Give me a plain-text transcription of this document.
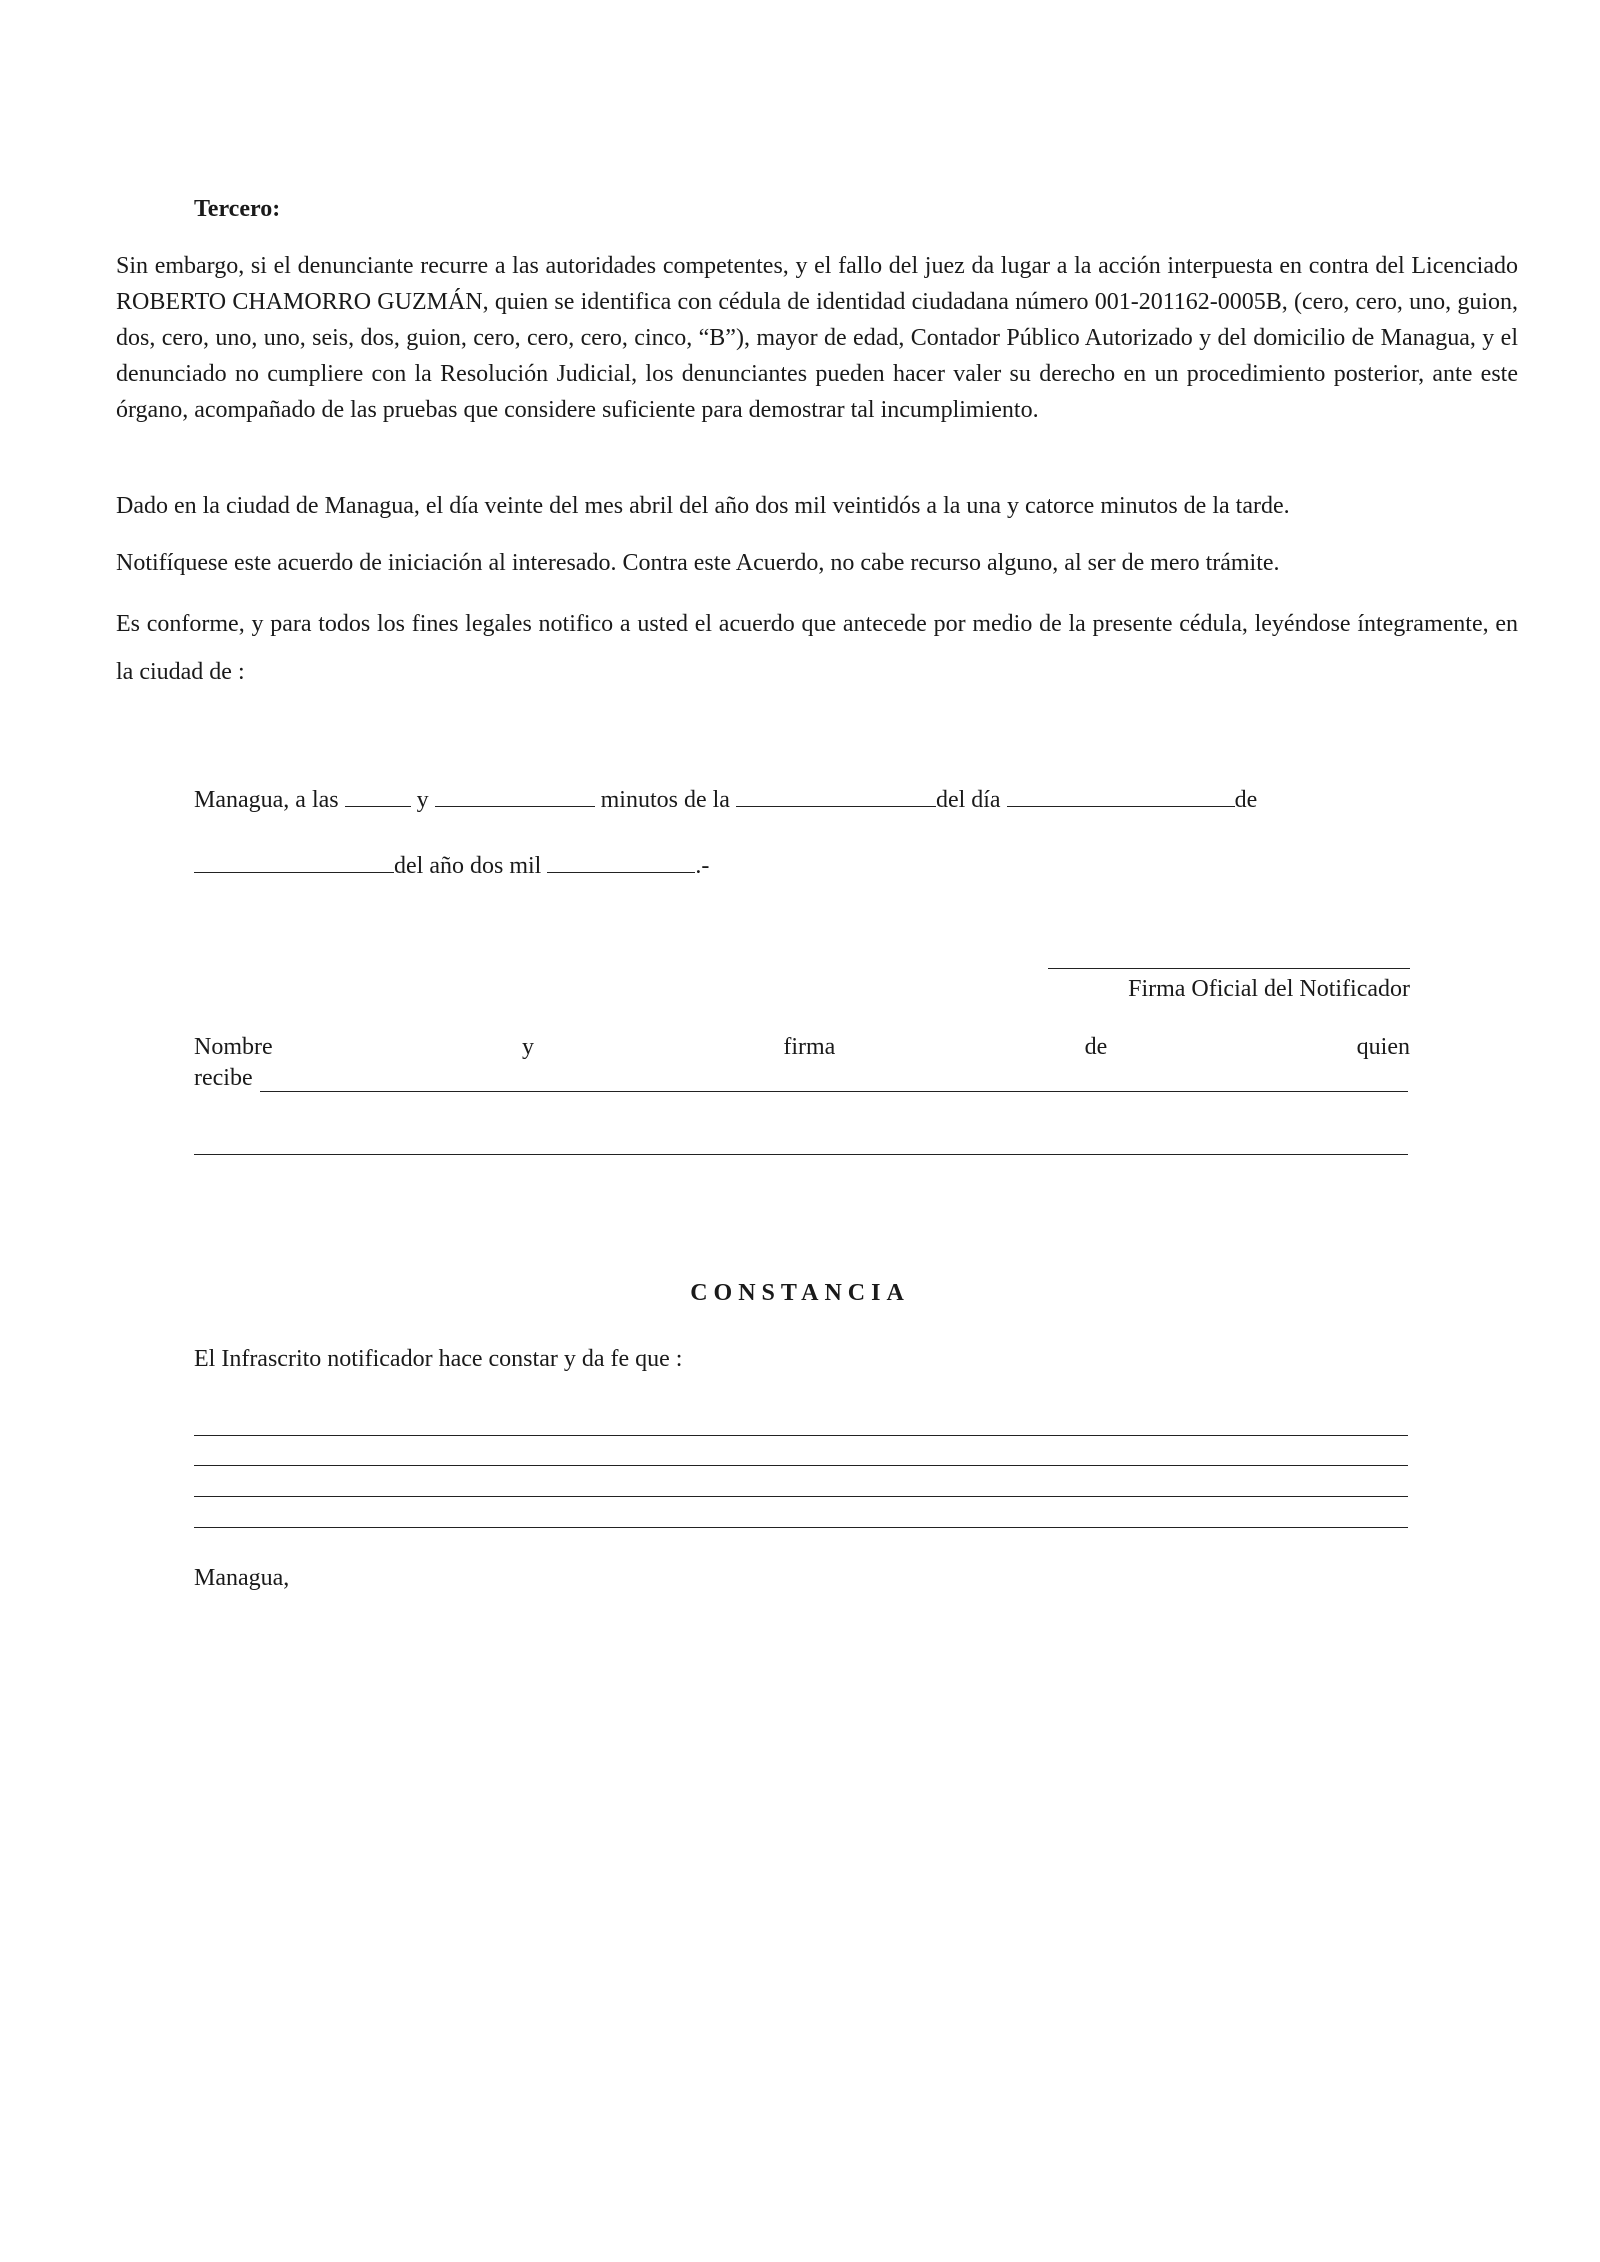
Tercero:
Sin embargo, si el denunciante recurre a las autoridades competentes, y el fallo del juez da lugar a la acción interpuesta en contra del Licenciado ROBERTO CHAMORRO GUZMÁN, quien se identifica con cédula de identidad ciudadana número 001-201162-0005B, (cero, cero, uno, guion, dos, cero, uno, uno, seis, dos, guion, cero, cero, cero, cinco, “B”), mayor de edad, Contador Público Autorizado y del domicilio de Managua, y el denunciado no cumpliere con la Resolución Judicial, los denunciantes pueden hacer valer su derecho en un procedimiento posterior, ante este órgano, acompañado de las pruebas que considere suficiente para demostrar tal incumplimiento.
Dado en la ciudad de Managua, el día veinte del mes abril del año dos mil veintidós a la una y catorce minutos de la tarde.
Notifíquese este acuerdo de iniciación al interesado. Contra este Acuerdo, no cabe recurso alguno, al ser de mero trámite.
Es conforme, y para todos los fines legales notifico a usted el acuerdo que antecede por medio de la presente cédula, leyéndose íntegramente, en la ciudad de :
Managua, a las	y	minutos de la	del día	de
del año dos mil	.-
Firma Oficial del Notificador
Nombre	y	firma	de	quien
recibe
CONSTANCIA
El Infrascrito notificador hace constar y da fe que :
Managua,
